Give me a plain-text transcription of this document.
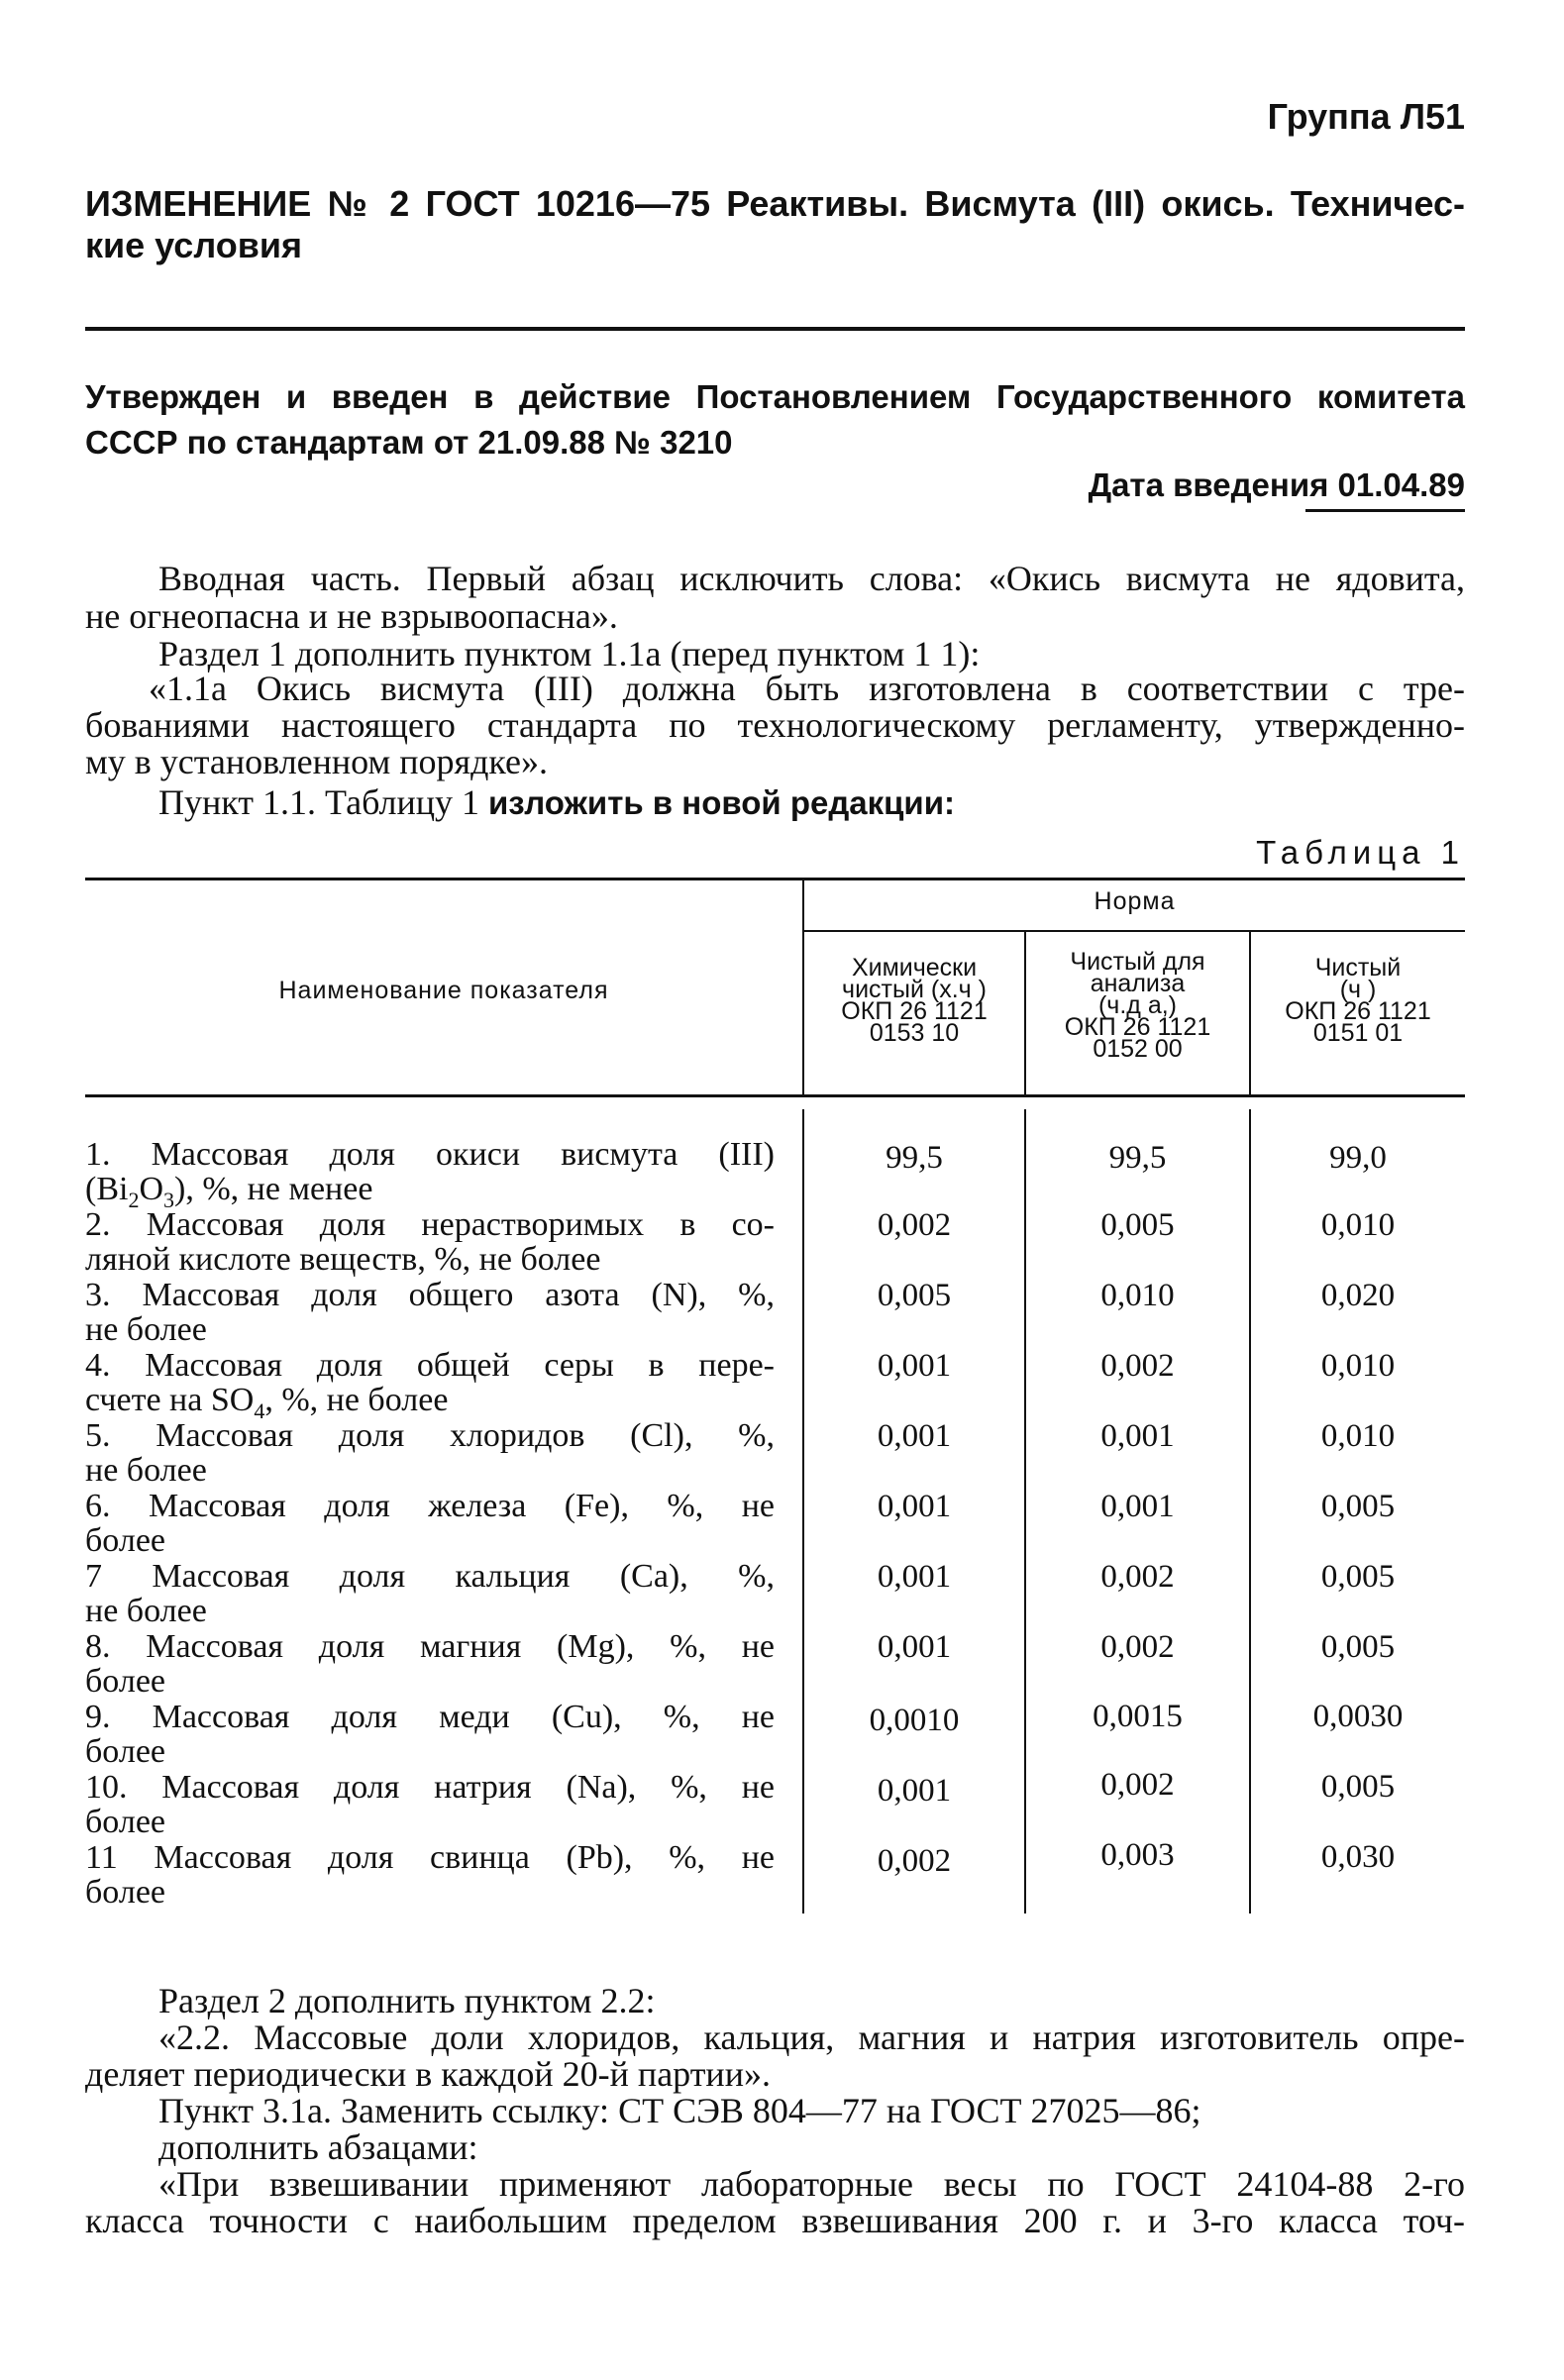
Группа Л51
ИЗМЕНЕНИЕ № 2 ГОСТ 10216—75 Реактивы. Висмута (III) окись. Техничес-
кие условия
Утвержден и введен в действие Постановлением Государственного комитета
СССР по стандартам от 21.09.88 № 3210
Дата введения 01.04.89
Вводная часть. Первый абзац исключить слова: «Окись висмута не ядовита,
не огнеопасна и не взрывоопасна».
Раздел 1 дополнить пунктом 1.1а (перед пунктом 1 1):
«1.1а Окись висмута (III) должна быть изготовлена в соответствии с тре-
бованиями настоящего стандарта по технологическому регламенту, утвержденно-
му в установленном порядке».
Пункт 1.1. Таблицу 1 изложить в новой редакции:
Таблица 1
Наименование показателя
Норма
Химически
чистый (х.ч )
ОКП 26 1121
0153 10
Чистый для
анализа
(ч.д а,)
ОКП 26 1121
0152 00
Чистый
(ч )
ОКП 26 1121
0151 01
1. Массовая доля окиси висмута (III)
$(Bi_2O_3)$, %, не менее
99,5	99,5	99,0
2. Массовая доля нерастворимых в со-
ляной кислоте веществ, %, не более
0,002	0,005	0,010
3. Массовая доля общего азота (N), %,
не более
0,005	0,010	0,020
4. Массовая доля общей серы в пере-
счете на $SO_4$, %, не более
0,001	0,002	0,010
5. Массовая доля хлоридов (Cl), %,
не более
0,001	0,001	0,010
6. Массовая доля железа (Fe), %, не
более
0,001	0,001	0,005
7 Массовая доля кальция (Ca), %,
не более
0,001	0,002	0,005
8. Массовая доля магния (Mg), %, не
более
0,001	0,002	0,005
9. Массовая доля меди (Cu), %, не
более
0,0010	0,0015	0,0030
10. Массовая доля натрия (Na), %, не
более
0,001	0,002	0,005
11 Массовая доля свинца (Pb), %, не
более
0,002	0,003	0,030
Раздел 2 дополнить пунктом 2.2:
«2.2. Массовые доли хлоридов, кальция, магния и натрия изготовитель опре-
деляет периодически в каждой 20-й партии».
Пункт 3.1а. Заменить ссылку: СТ СЭВ 804—77 на ГОСТ 27025—86;
дополнить абзацами:
«При взвешивании применяют лабораторные весы по ГОСТ 24104-88 2-го
класса точности с наибольшим пределом взвешивания 200 г. и 3-го класса точ-
